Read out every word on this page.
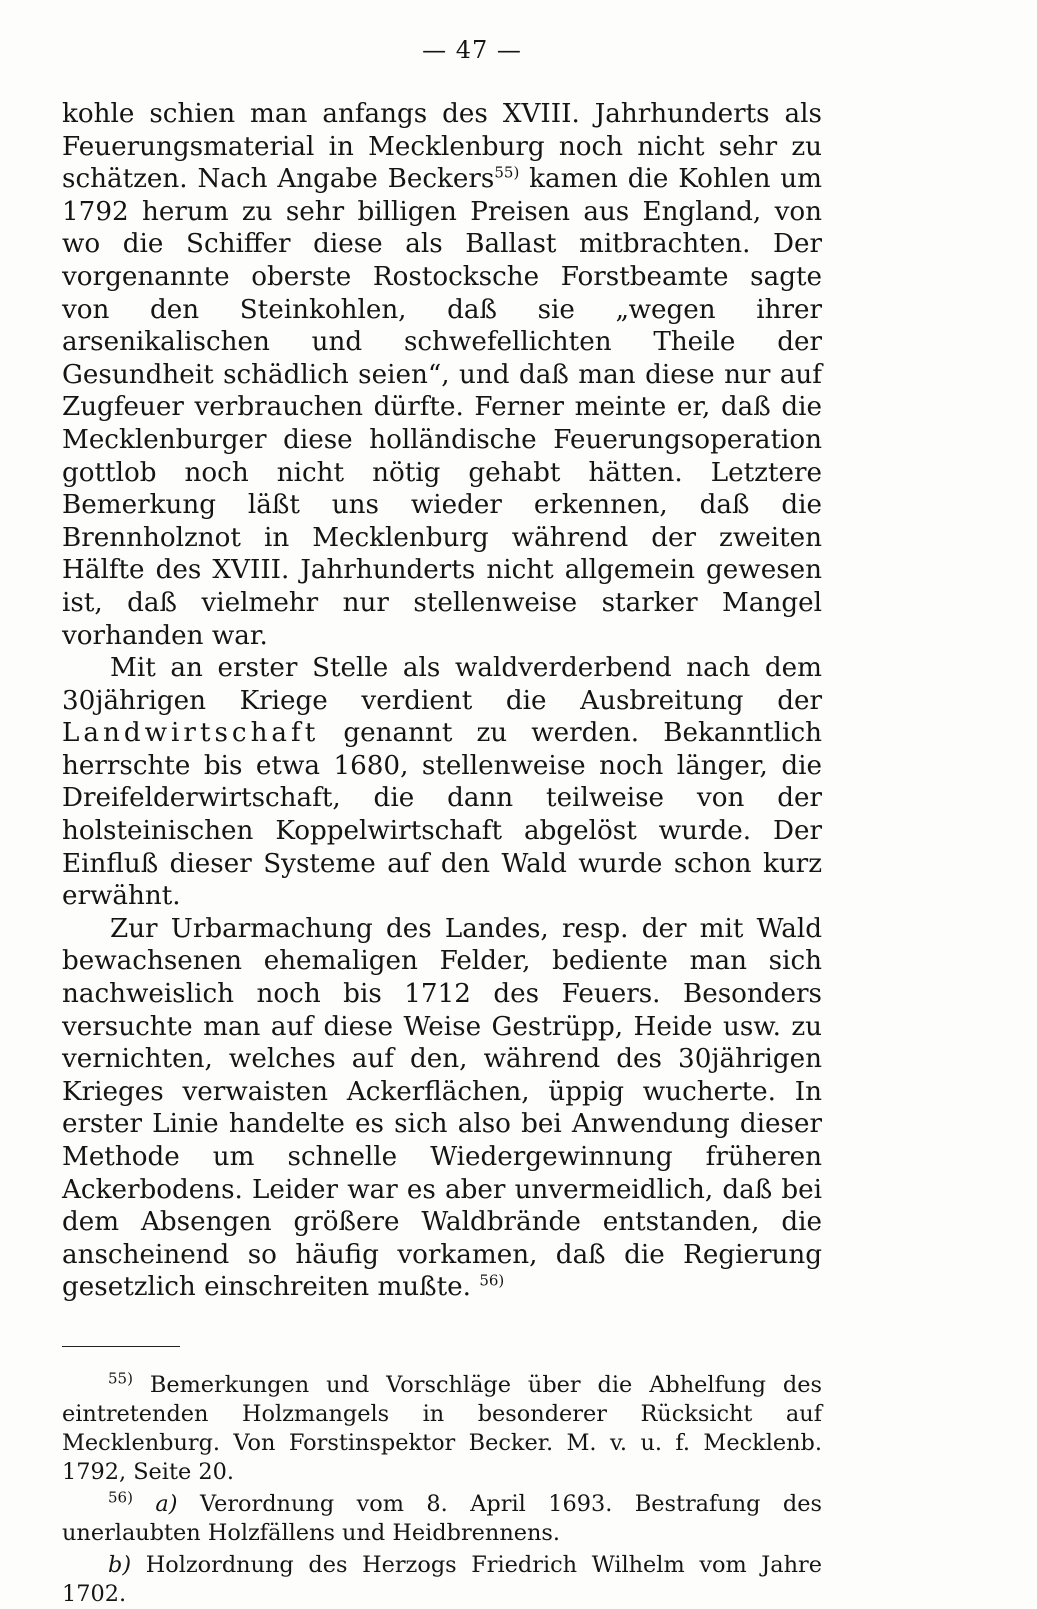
— 47 —

kohle schien man anfangs des XVIII. Jahrhunderts als Feuerungsmaterial in Mecklenburg noch nicht sehr zu schätzen. Nach Angabe Beckers$^{55)}$ kamen die Kohlen um 1792 herum zu sehr billigen Preisen aus England, von wo die Schiffer diese als Ballast mitbrachten. Der vorgenannte oberste Rostocksche Forstbeamte sagte von den Steinkohlen, daß sie „wegen ihrer arsenikalischen und schwefellichten Theile der Gesundheit schädlich seien“, und daß man diese nur auf Zugfeuer verbrauchen dürfte. Ferner meinte er, daß die Mecklenburger diese holländische Feuerungsoperation gottlob noch nicht nötig gehabt hätten. Letztere Bemerkung läßt uns wieder erkennen, daß die Brennholznot in Mecklenburg während der zweiten Hälfte des XVIII. Jahrhunderts nicht allgemein gewesen ist, daß vielmehr nur stellenweise starker Mangel vorhanden war.

Mit an erster Stelle als waldverderbend nach dem 30jährigen Kriege verdient die Ausbreitung der Landwirtschaft genannt zu werden. Bekanntlich herrschte bis etwa 1680, stellenweise noch länger, die Dreifelderwirtschaft, die dann teilweise von der holsteinischen Koppelwirtschaft abgelöst wurde. Der Einfluß dieser Systeme auf den Wald wurde schon kurz erwähnt.

Zur Urbarmachung des Landes, resp. der mit Wald bewachsenen ehemaligen Felder, bediente man sich nachweislich noch bis 1712 des Feuers. Besonders versuchte man auf diese Weise Gestrüpp, Heide usw. zu vernichten, welches auf den, während des 30jährigen Krieges verwaisten Ackerflächen, üppig wucherte. In erster Linie handelte es sich also bei Anwendung dieser Methode um schnelle Wiedergewinnung früheren Ackerbodens. Leider war es aber unvermeidlich, daß bei dem Absengen größere Waldbrände entstanden, die anscheinend so häufig vorkamen, daß die Regierung gesetzlich einschreiten mußte. $^{56)}$

$^{55)}$ Bemerkungen und Vorschläge über die Abhelfung des eintretenden Holzmangels in besonderer Rücksicht auf Mecklenburg. Von Forstinspektor Becker. M. v. u. f. Mecklenb. 1792, Seite 20.

$^{56)}$ a) Verordnung vom 8. April 1693. Bestrafung des unerlaubten Holzfällens und Heidbrennens.

b) Holzordnung des Herzogs Friedrich Wilhelm vom Jahre 1702.
